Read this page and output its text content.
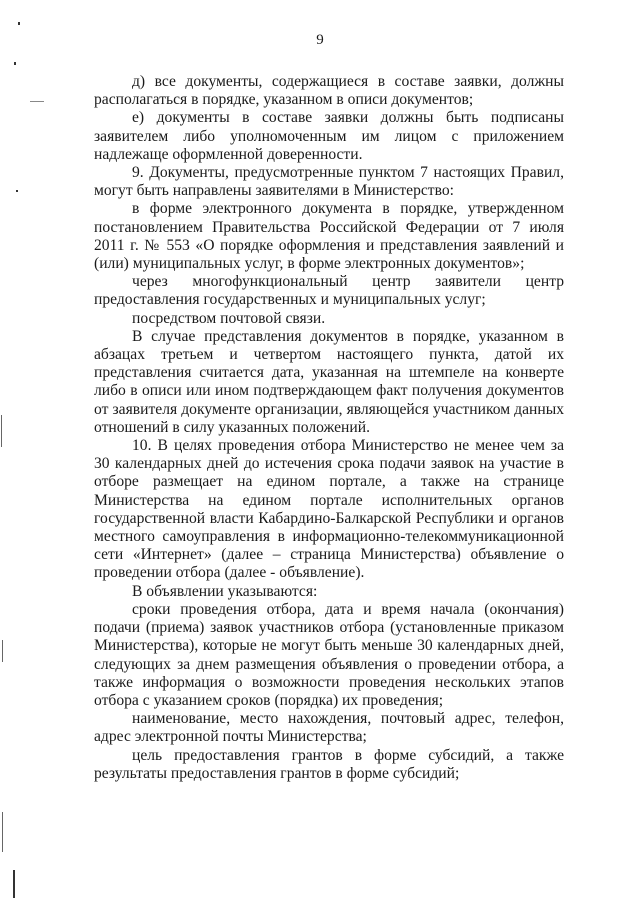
9

д) все документы, содержащиеся в составе заявки, должны располагаться в порядке, указанном в описи документов;

е) документы в составе заявки должны быть подписаны заявителем либо уполномоченным им лицом с приложением надлежаще оформленной доверенности.

9. Документы, предусмотренные пунктом 7 настоящих Правил, могут быть направлены заявителями в Министерство:

в форме электронного документа в порядке, утвержденном постановлением Правительства Российской Федерации от 7 июля 2011 г. № 553 «О порядке оформления и представления заявлений и (или) муниципальных услуг, в форме электронных документов»;

через многофункциональный центр заявители центр предоставления государственных и муниципальных услуг;

посредством почтовой связи.

В случае представления документов в порядке, указанном в абзацах третьем и четвертом настоящего пункта, датой их представления считается дата, указанная на штемпеле на конверте либо в описи или ином подтверждающем факт получения документов от заявителя документе организации, являющейся участником данных отношений в силу указанных положений.

10. В целях проведения отбора Министерство не менее чем за 30 календарных дней до истечения срока подачи заявок на участие в отборе размещает на едином портале, а также на странице Министерства на едином портале исполнительных органов государственной власти Кабардино-Балкарской Республики и органов местного самоуправления в информационно-телекоммуникационной сети «Интернет» (далее – страница Министерства) объявление о проведении отбора (далее - объявление).

В объявлении указываются:

сроки проведения отбора, дата и время начала (окончания) подачи (приема) заявок участников отбора (установленные приказом Министерства), которые не могут быть меньше 30 календарных дней, следующих за днем размещения объявления о проведении отбора, а также информация о возможности проведения нескольких этапов отбора с указанием сроков (порядка) их проведения;

наименование, место нахождения, почтовый адрес, телефон, адрес электронной почты Министерства;

цель предоставления грантов в форме субсидий, а также результаты предоставления грантов в форме субсидий;
